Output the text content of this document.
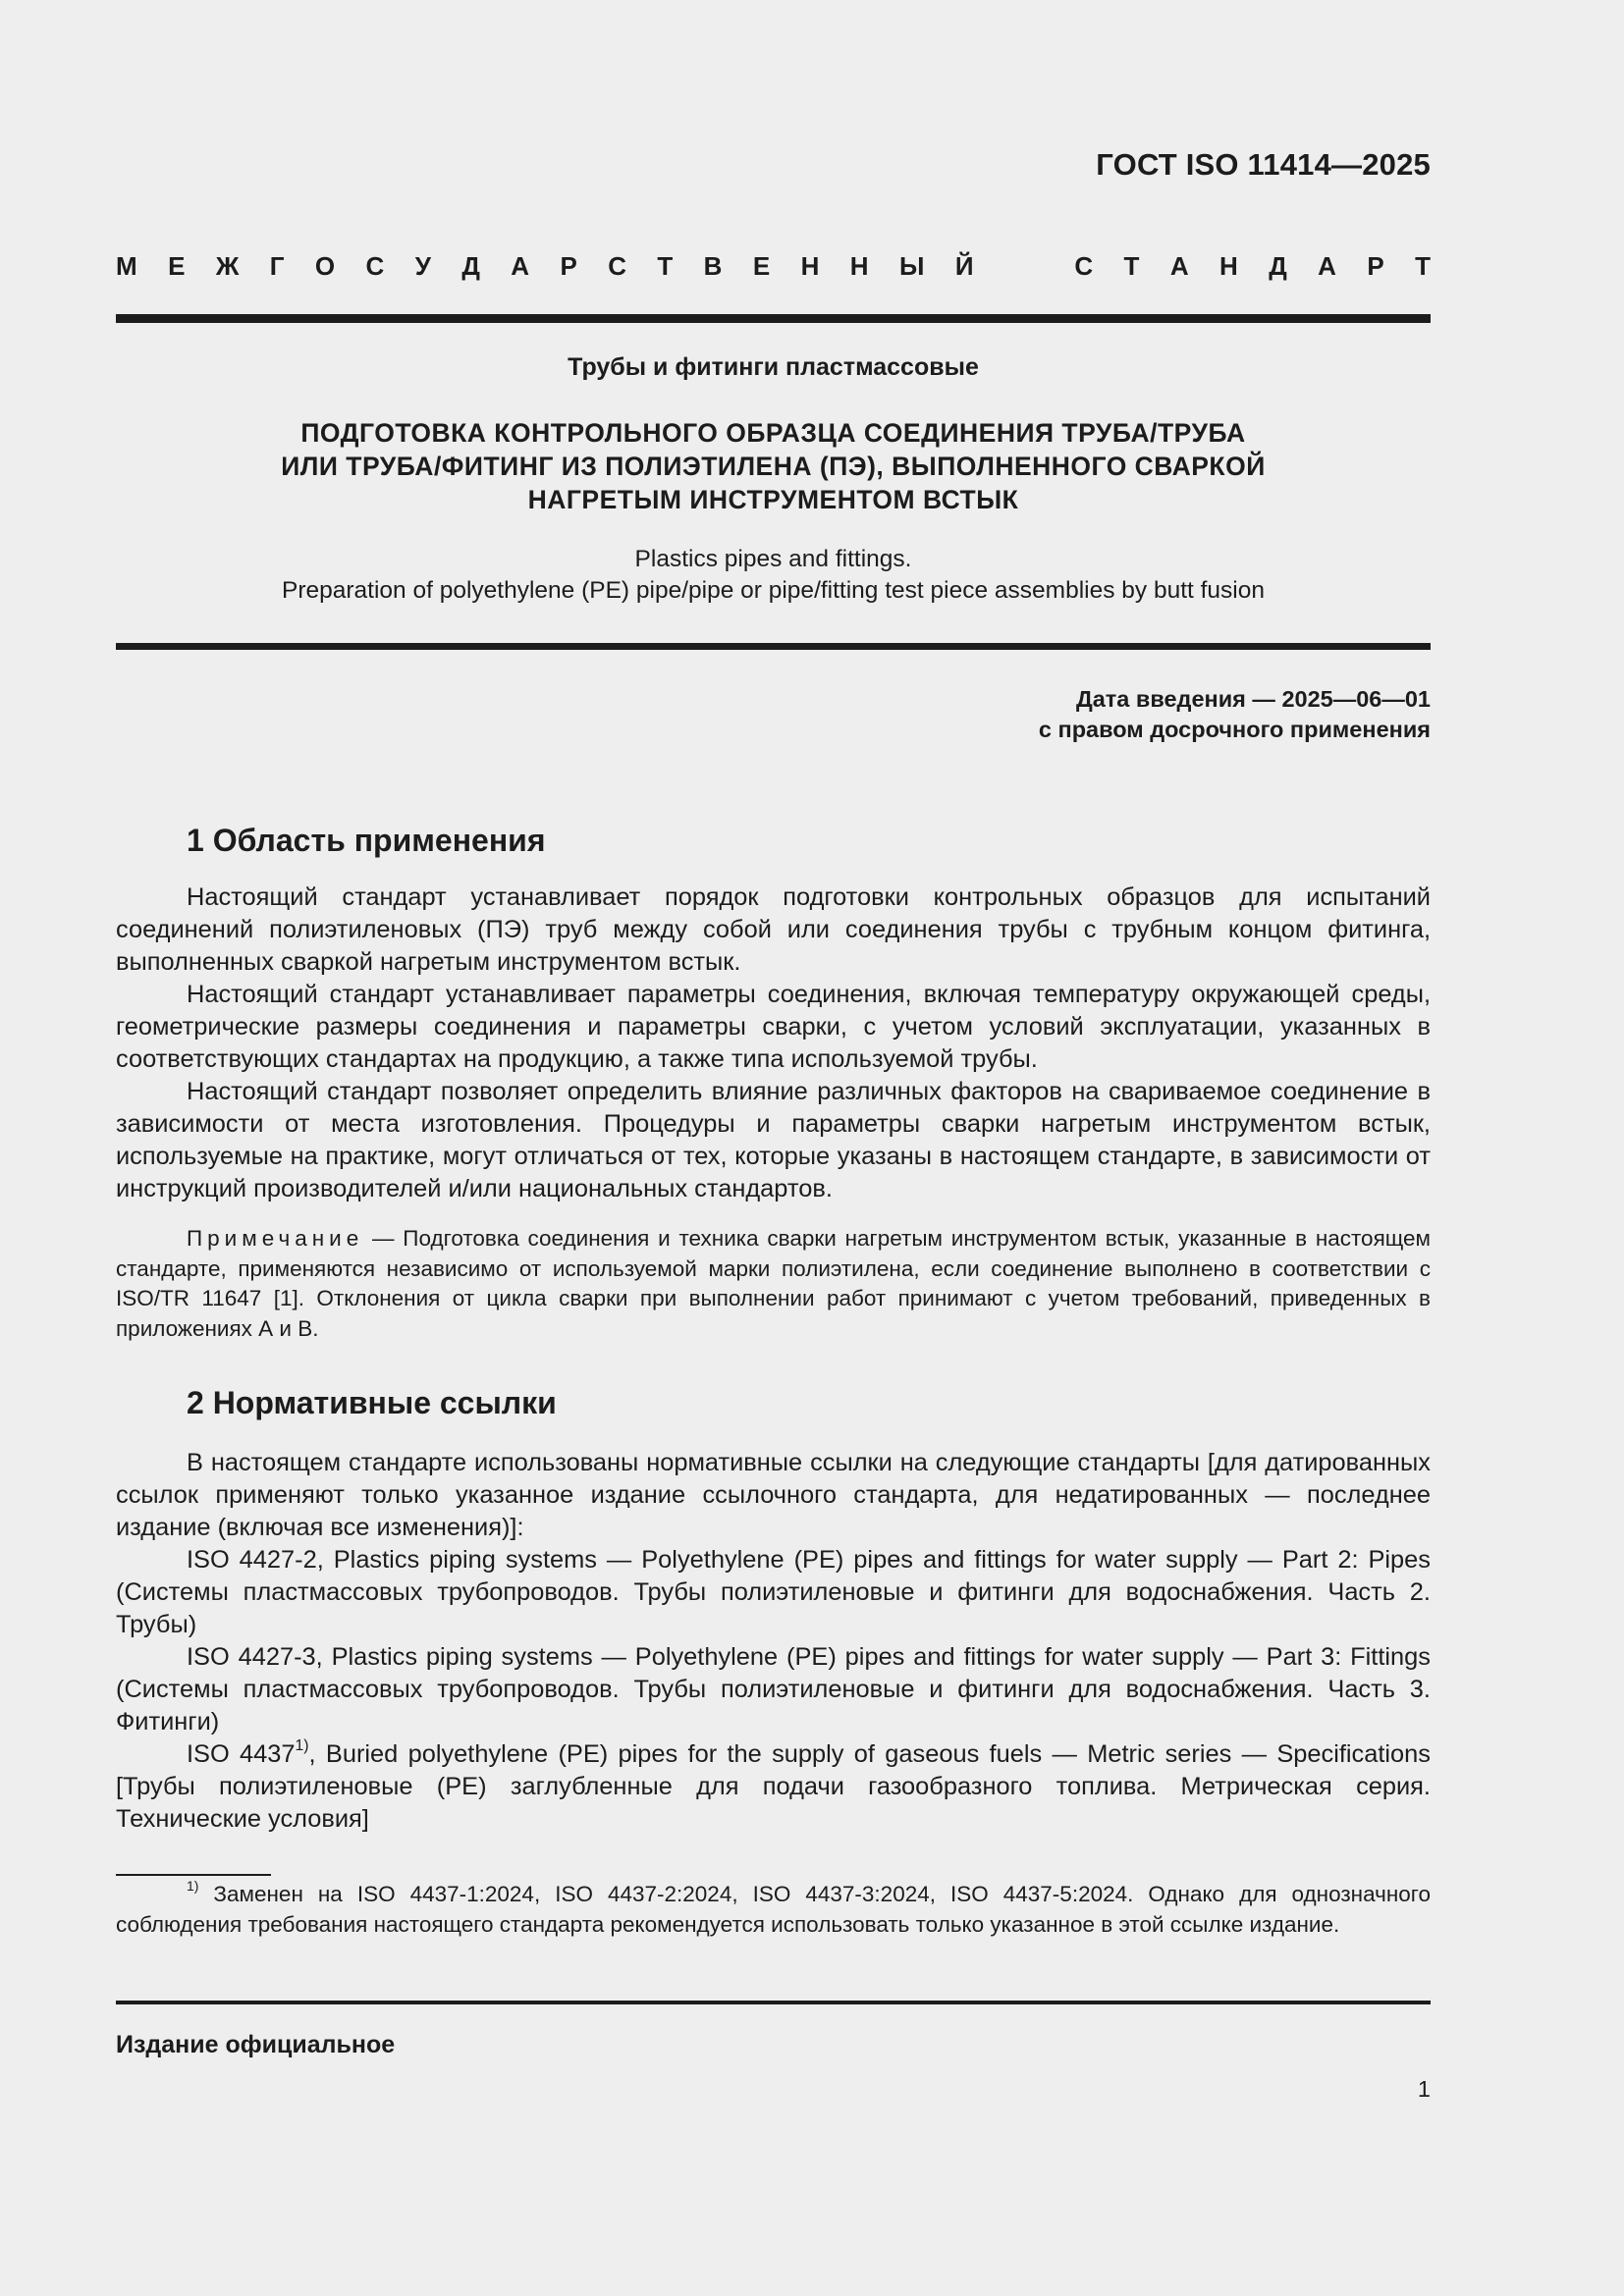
ГОСТ ISO 11414—2025
М Е Ж Г О С У Д А Р С Т В Е Н Н Ы Й	С Т А Н Д А Р Т
Трубы и фитинги пластмассовые
ПОДГОТОВКА КОНТРОЛЬНОГО ОБРАЗЦА СОЕДИНЕНИЯ ТРУБА/ТРУБА
ИЛИ ТРУБА/ФИТИНГ ИЗ ПОЛИЭТИЛЕНА (ПЭ), ВЫПОЛНЕННОГО СВАРКОЙ
НАГРЕТЫМ ИНСТРУМЕНТОМ ВСТЫК
Plastics pipes and fittings.
Preparation of polyethylene (PE) pipe/pipe or pipe/fitting test piece assemblies by butt fusion
Дата введения — 2025—06—01
с правом досрочного применения
1 Область применения

Настоящий стандарт устанавливает порядок подготовки контрольных образцов для испытаний соединений полиэтиленовых (ПЭ) труб между собой или соединения трубы с трубным концом фитинга, выполненных сваркой нагретым инструментом встык.

Настоящий стандарт устанавливает параметры соединения, включая температуру окружающей среды, геометрические размеры соединения и параметры сварки, с учетом условий эксплуатации, указанных в соответствующих стандартах на продукцию, а также типа используемой трубы.

Настоящий стандарт позволяет определить влияние различных факторов на свариваемое соединение в зависимости от места изготовления. Процедуры и параметры сварки нагретым инструментом встык, используемые на практике, могут отличаться от тех, которые указаны в настоящем стандарте, в зависимости от инструкций производителей и/или национальных стандартов.

Примечание — Подготовка соединения и техника сварки нагретым инструментом встык, указанные в настоящем стандарте, применяются независимо от используемой марки полиэтилена, если соединение выполнено в соответствии с ISO/TR 11647 [1]. Отклонения от цикла сварки при выполнении работ принимают с учетом требований, приведенных в приложениях А и В.

2 Нормативные ссылки

В настоящем стандарте использованы нормативные ссылки на следующие стандарты [для датированных ссылок применяют только указанное издание ссылочного стандарта, для недатированных — последнее издание (включая все изменения)]:

ISO 4427-2, Plastics piping systems — Polyethylene (PE) pipes and fittings for water supply — Part 2: Pipes (Системы пластмассовых трубопроводов. Трубы полиэтиленовые и фитинги для водоснабжения. Часть 2. Трубы)

ISO 4427-3, Plastics piping systems — Polyethylene (PE) pipes and fittings for water supply — Part 3: Fittings (Системы пластмассовых трубопроводов. Трубы полиэтиленовые и фитинги для водоснабжения. Часть 3. Фитинги)

ISO 4437$^{1)}$, Buried polyethylene (PE) pipes for the supply of gaseous fuels — Metric series — Specifications [Трубы полиэтиленовые (PE) заглубленные для подачи газообразного топлива. Метрическая серия. Технические условия]

$^{1)}$ Заменен на ISO 4437-1:2024, ISO 4437-2:2024, ISO 4437-3:2024, ISO 4437-5:2024. Однако для однозначного соблюдения требования настоящего стандарта рекомендуется использовать только указанное в этой ссылке издание.

Издание официальное
1
